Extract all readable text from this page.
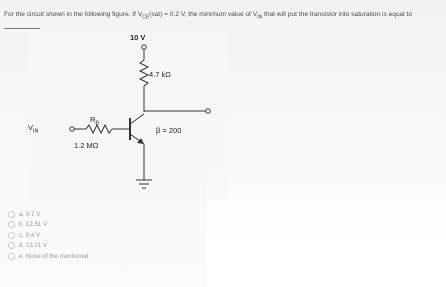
For the circuit shown in the following figure. If $V_{CE}(sat) = 0.2$ V, the minimum value of $V_{IN}$ that will put the transistor into saturation is equal to
10 V
4.7 kΩ
$R_B$
$V_{IN}$
1.2 MΩ
β = 200
a. 0.7 V
b. 12.51 V
c. 9.4 V
d. 13.21 V
e. None of the mentioned
